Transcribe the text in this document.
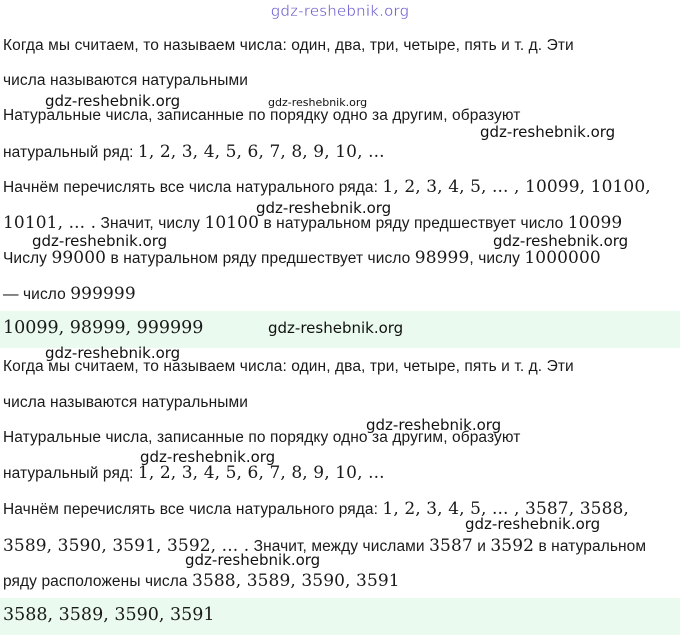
gdz-reshebnik.org
Когда мы считаем, то называем числа: один, два, три, четыре, пять и т. д. Эти
числа называются натуральными
Натуральные числа, записанные по порядку одно за другим, образуют
натуральный ряд: 1, 2, 3, 4, 5, 6, 7, 8, 9, 10, ...
Начнём перечислять все числа натурального ряда: 1, 2, 3, 4, 5, ... , 10099, 10100,
10101, ... . Значит, числу 10100 в натуральном ряду предшествует число 10099
Числу 99000 в натуральном ряду предшествует число 98999, числу 1000000
— число 999999
10099, 98999, 999999
Когда мы считаем, то называем числа: один, два, три, четыре, пять и т. д. Эти
числа называются натуральными
Натуральные числа, записанные по порядку одно за другим, образуют
натуральный ряд: 1, 2, 3, 4, 5, 6, 7, 8, 9, 10, ...
Начнём перечислять все числа натурального ряда: 1, 2, 3, 4, 5, ... , 3587, 3588,
3589, 3590, 3591, 3592, ... . Значит, между числами 3587 и 3592 в натуральном
ряду расположены числа 3588, 3589, 3590, 3591
3588, 3589, 3590, 3591
gdz-reshebnik.org	gdz-reshebnik.org
gdz-reshebnik.org
gdz-reshebnik.org
gdz-reshebnik.org	gdz-reshebnik.org
gdz-reshebnik.org
gdz-reshebnik.org
gdz-reshebnik.org
gdz-reshebnik.org
gdz-reshebnik.org
gdz-reshebnik.org
